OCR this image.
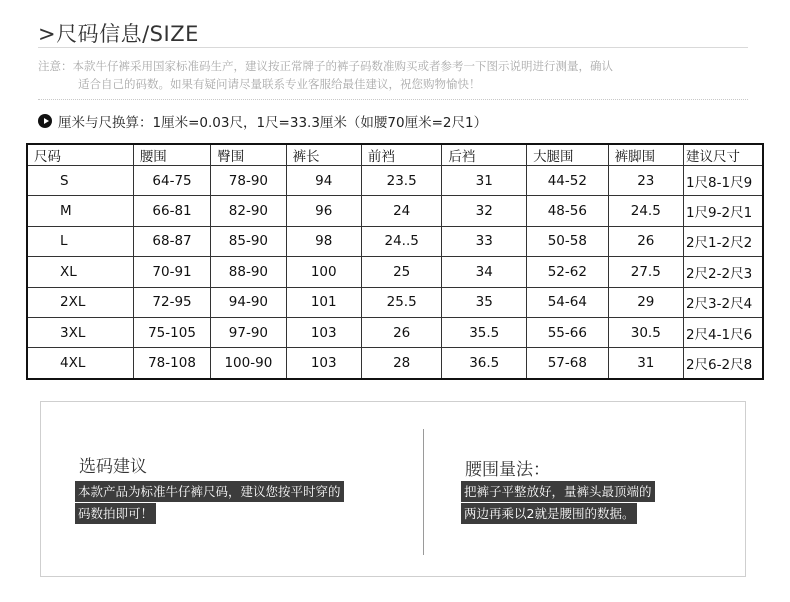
>尺码信息/SIZE
注意：本款牛仔裤采用国家标准码生产，建议按正常牌子的裤子码数准购买或者参考一下图示说明进行测量，确认
适合自己的码数。如果有疑问请尽量联系专业客服给最佳建议，祝您购物愉快！
厘米与尺换算：1厘米=0.03尺，1尺=33.3厘米（如腰70厘米=2尺1）
尺码	腰围	臀围	裤长	前裆	后裆	大腿围	裤脚围	建议尺寸
S	64-75	78-90	94	23.5	31	44-52	23	1尺8-1尺9
M	66-81	82-90	96	24	32	48-56	24.5	1尺9-2尺1
L	68-87	85-90	98	24..5	33	50-58	26	2尺1-2尺2
XL	70-91	88-90	100	25	34	52-62	27.5	2尺2-2尺3
2XL	72-95	94-90	101	25.5	35	54-64	29	2尺3-2尺4
3XL	75-105	97-90	103	26	35.5	55-66	30.5	2尺4-1尺6
4XL	78-108	100-90	103	28	36.5	57-68	31	2尺6-2尺8
选码建议
本款产品为标准牛仔裤尺码，建议您按平时穿的
码数拍即可！
腰围量法：
把裤子平整放好，量裤头最顶端的
两边再乘以2就是腰围的数据。
